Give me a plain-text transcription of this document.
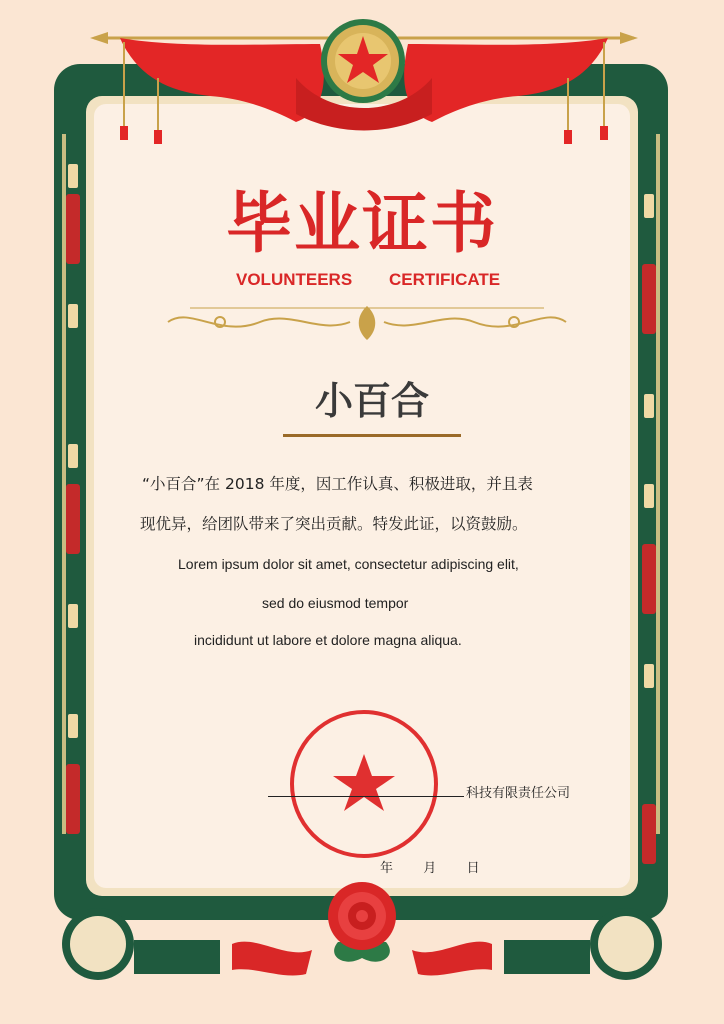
毕业证书
VOLUNTEERS CERTIFICATE
小百合
“小百合”在 2018 年度，因工作认真、积极进取，并且表
现优异，给团队带来了突出贡献。特发此证，以资鼓励。
Lorem ipsum dolor sit amet, consectetur adipiscing elit,
sed do eiusmod tempor
incididunt ut labore et dolore magna aliqua.
科技有限责任公司
年 月 日
